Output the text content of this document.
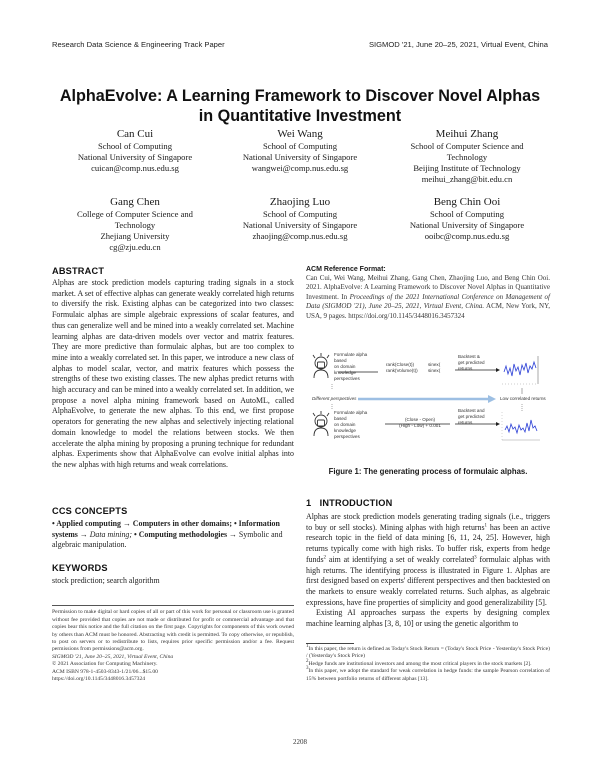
Research Data Science & Engineering Track Paper	SIGMOD '21, June 20–25, 2021, Virtual Event, China
AlphaEvolve: A Learning Framework to Discover Novel Alphas
in Quantitative Investment
Can Cui
School of Computing
National University of Singapore
cuican@comp.nus.edu.sg
Wei Wang
School of Computing
National University of Singapore
wangwei@comp.nus.edu.sg
Meihui Zhang
School of Computer Science and
Technology
Beijing Institute of Technology
meihui_zhang@bit.edu.cn
Gang Chen
College of Computer Science and
Technology
Zhejiang University
cg@zju.edu.cn
Zhaojing Luo
School of Computing
National University of Singapore
zhaojing@comp.nus.edu.sg
Beng Chin Ooi
School of Computing
National University of Singapore
ooibc@comp.nus.edu.sg
ABSTRACT
Alphas are stock prediction models capturing trading signals in a stock market. A set of effective alphas can generate weakly correlated high returns to diversify the risk. Existing alphas can be categorized into two classes: Formulaic alphas are simple algebraic expressions of scalar features, and thus can generalize well and be mined into a weakly correlated set. Machine learning alphas are data-driven models over vector and matrix features. They are more predictive than formulaic alphas, but are too complex to mine into a weakly correlated set. In this paper, we introduce a new class of alphas to model scalar, vector, and matrix features which possess the strengths of these two existing classes. The new alphas predict returns with high accuracy and can be mined into a weakly correlated set. In addition, we propose a novel alpha mining framework based on AutoML, called AlphaEvolve, to generate the new alphas. To this end, we first propose operators for generating the new alphas and selectively injecting relational domain knowledge to model the relations between stocks. We then accelerate the alpha mining by proposing a pruning technique for redundant alphas. Experiments show that AlphaEvolve can evolve initial alphas into the new alphas with high returns and weak correlations.
CCS CONCEPTS
• Applied computing → Computers in other domains; • Information systems → Data mining; • Computing methodologies → Symbolic and algebraic manipulation.
KEYWORDS
stock prediction; search algorithm
Permission to make digital or hard copies of all or part of this work for personal or classroom use is granted without fee provided that copies are not made or distributed for profit or commercial advantage and that copies bear this notice and the full citation on the first page. Copyrights for components of this work owned by others than ACM must be honored. Abstracting with credit is permitted. To copy otherwise, or republish, to post on servers or to redistribute to lists, requires prior specific permission and/or a fee. Request permissions from permissions@acm.org.
SIGMOD '21, June 20–25, 2021, Virtual Event, China
© 2021 Association for Computing Machinery.
ACM ISBN 978-1-4503-8343-1/21/06...$15.00
https://doi.org/10.1145/3448016.3457324
ACM Reference Format:
Can Cui, Wei Wang, Meihui Zhang, Gang Chen, Zhaojing Luo, and Beng Chin Ooi. 2021. AlphaEvolve: A Learning Framework to Discover Novel Alphas in Quantitative Investment. In Proceedings of the 2021 International Conference on Management of Data (SIGMOD '21), June 20–25, 2021, Virtual Event, China. ACM, New York, NY, USA, 9 pages. https://doi.org/10.1145/3448016.3457324
Formulate alpha
based
on domain
knowledge
perspectives
rank(Close(t))
rank(Volume(t))
sinex(
sinex(
Backtest &
get predicted
returns
Different perspectives	Low correlated returns
Formulate alpha
based
on domain
knowledge
perspectives
(Close - Open)
(High - Low) + 0.001
Backtest and
get predicted
returns
Figure 1: The generating process of formulaic alphas.
1 INTRODUCTION
Alphas are stock prediction models generating trading signals (i.e., triggers to buy or sell stocks). Mining alphas with high returns$^1$ has been an active research topic in the field of data mining [6, 11, 24, 25]. However, high returns typically come with high risks. To buffer risk, experts from hedge funds$^2$ aim at identifying a set of weakly correlated$^3$ formulaic alphas with high returns. The identifying process is illustrated in Figure 1. Alphas are first designed based on experts' different perspectives and then backtested on the markets to ensure weakly correlated returns. Such alphas, as algebraic expressions, have fine properties of simplicity and good generalizability [5].
Existing AI approaches surpass the experts by designing complex machine learning alphas [3, 8, 10] or using the genetic algorithm to
$^1$In this paper, the return is defined as Today's Stock Return = (Today's Stock Price - Yesterday's Stock Price) / (Yesterday's Stock Price)
$^2$Hedge funds are institutional investors and among the most critical players in the stock markets [2].
$^3$In this paper, we adopt the standard for weak correlation in hedge funds: the sample Pearson correlation of 15% between portfolio returns of different alphas [13].
2208
